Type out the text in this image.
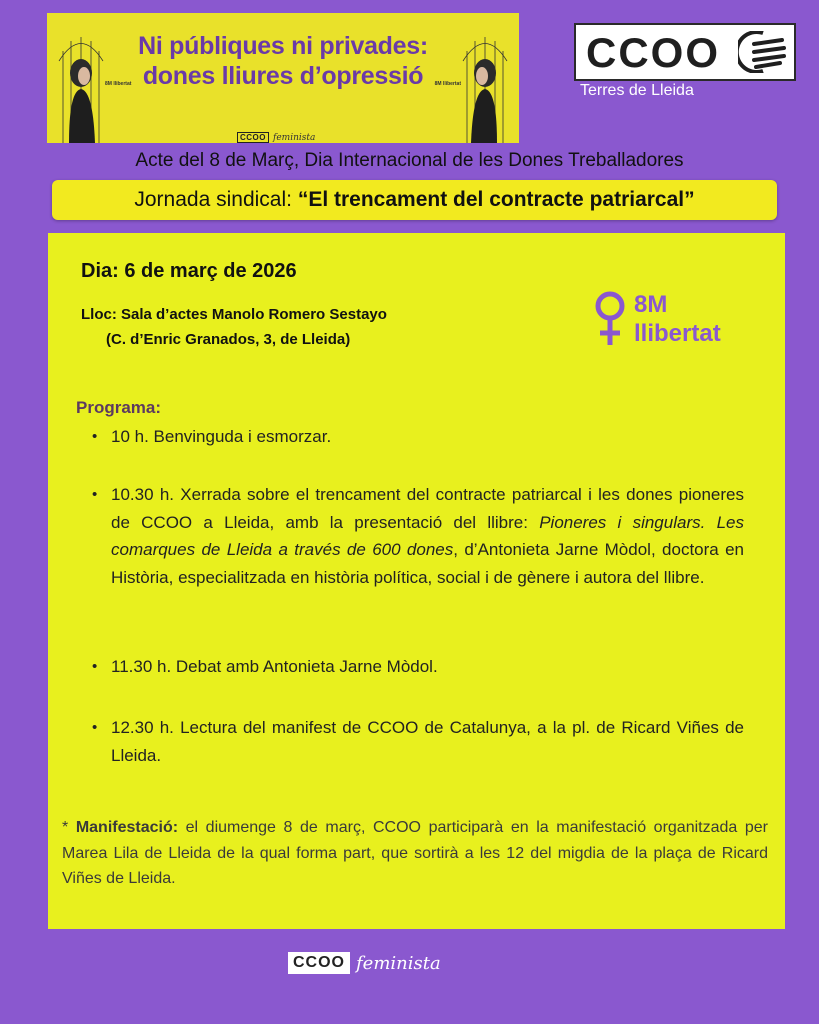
8M llibertat
Ni públiques ni privades:
dones lliures d’opressió	8M llibertat
CCOO feminista
CCOO
Terres de Lleida
Acte del 8 de Març, Dia Internacional de les Dones Treballadores
Jornada sindical: “El trencament del contracte patriarcal”
Dia: 6 de març de 2026
Lloc: Sala d’actes Manolo Romero Sestayo
(C. d’Enric Granados, 3, de Lleida)
8M
llibertat
Programa:
• 10 h. Benvinguda i esmorzar.
• 10.30 h. Xerrada sobre el trencament del contracte patriarcal i les dones pioneres de CCOO a Lleida, amb la presentació del llibre: Pioneres i singulars. Les comarques de Lleida a través de 600 dones, d’Antonieta Jarne Mòdol, doctora en Història, especialitzada en història política, social i de gènere i autora del llibre.
• 11.30 h. Debat amb Antonieta Jarne Mòdol.
• 12.30 h. Lectura del manifest de CCOO de Catalunya, a la pl. de Ricard Viñes de Lleida.
* Manifestació: el diumenge 8 de març, CCOO participarà en la manifestació organitzada per Marea Lila de Lleida de la qual forma part, que sortirà a les 12 del migdia de la plaça de Ricard Viñes de Lleida.
CCOO feminista
